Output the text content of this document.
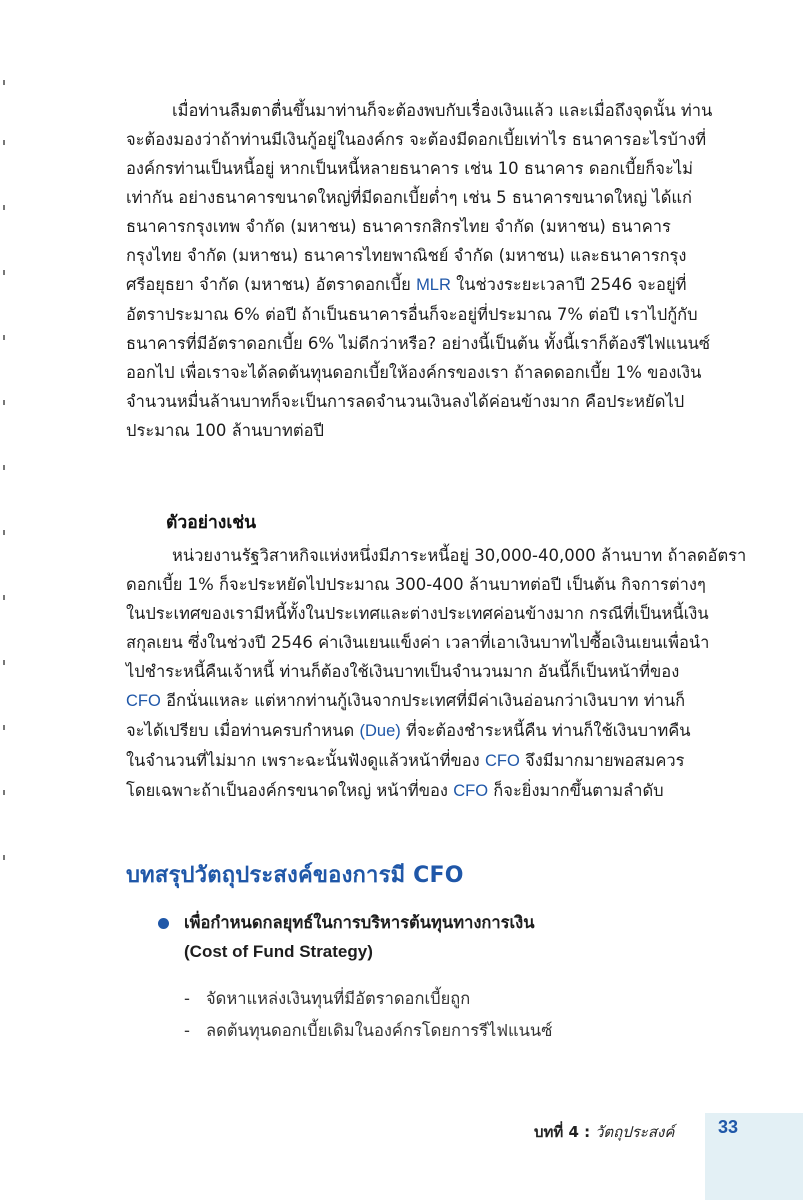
เมื่อท่านลืมตาตื่นขึ้นมาท่านก็จะต้องพบกับเรื่องเงินแล้ว และเมื่อถึงจุดนั้น ท่าน
จะต้องมองว่าถ้าท่านมีเงินกู้อยู่ในองค์กร จะต้องมีดอกเบี้ยเท่าไร ธนาคารอะไรบ้างที่
องค์กรท่านเป็นหนี้อยู่ หากเป็นหนี้หลายธนาคาร เช่น 10 ธนาคาร ดอกเบี้ยก็จะไม่
เท่ากัน อย่างธนาคารขนาดใหญ่ที่มีดอกเบี้ยต่ำๆ เช่น 5 ธนาคารขนาดใหญ่ ได้แก่
ธนาคารกรุงเทพ จำกัด (มหาชน) ธนาคารกสิกรไทย จำกัด (มหาชน) ธนาคาร
กรุงไทย จำกัด (มหาชน) ธนาคารไทยพาณิชย์ จำกัด (มหาชน) และธนาคารกรุง
ศรีอยุธยา จำกัด (มหาชน) อัตราดอกเบี้ย MLR ในช่วงระยะเวลาปี 2546 จะอยู่ที่
อัตราประมาณ 6% ต่อปี ถ้าเป็นธนาคารอื่นก็จะอยู่ที่ประมาณ 7% ต่อปี เราไปกู้กับ
ธนาคารที่มีอัตราดอกเบี้ย 6% ไม่ดีกว่าหรือ? อย่างนี้เป็นต้น ทั้งนี้เราก็ต้องรีไฟแนนซ์
ออกไป เพื่อเราจะได้ลดต้นทุนดอกเบี้ยให้องค์กรของเรา ถ้าลดดอกเบี้ย 1% ของเงิน
จำนวนหมื่นล้านบาทก็จะเป็นการลดจำนวนเงินลงได้ค่อนข้างมาก คือประหยัดไป
ประมาณ 100 ล้านบาทต่อปี
ตัวอย่างเช่น
หน่วยงานรัฐวิสาหกิจแห่งหนึ่งมีภาระหนี้อยู่ 30,000-40,000 ล้านบาท ถ้าลดอัตรา
ดอกเบี้ย 1% ก็จะประหยัดไปประมาณ 300-400 ล้านบาทต่อปี เป็นต้น กิจการต่างๆ
ในประเทศของเรามีหนี้ทั้งในประเทศและต่างประเทศค่อนข้างมาก กรณีที่เป็นหนี้เงิน
สกุลเยน ซึ่งในช่วงปี 2546 ค่าเงินเยนแข็งค่า เวลาที่เอาเงินบาทไปซื้อเงินเยนเพื่อนำ
ไปชำระหนี้คืนเจ้าหนี้ ท่านก็ต้องใช้เงินบาทเป็นจำนวนมาก อันนี้ก็เป็นหน้าที่ของ
CFO อีกนั่นแหละ แต่หากท่านกู้เงินจากประเทศที่มีค่าเงินอ่อนกว่าเงินบาท ท่านก็
จะได้เปรียบ เมื่อท่านครบกำหนด (Due) ที่จะต้องชำระหนี้คืน ท่านก็ใช้เงินบาทคืน
ในจำนวนที่ไม่มาก เพราะฉะนั้นฟังดูแล้วหน้าที่ของ CFO จึงมีมากมายพอสมควร
โดยเฉพาะถ้าเป็นองค์กรขนาดใหญ่ หน้าที่ของ CFO ก็จะยิ่งมากขึ้นตามลำดับ
บทสรุปวัตถุประสงค์ของการมี CFO
เพื่อกำหนดกลยุทธ์ในการบริหารต้นทุนทางการเงิน
(Cost of Fund Strategy)
- จัดหาแหล่งเงินทุนที่มีอัตราดอกเบี้ยถูก
- ลดต้นทุนดอกเบี้ยเดิมในองค์กรโดยการรีไฟแนนซ์
บทที่ 4 : วัตถุประสงค์ 33
